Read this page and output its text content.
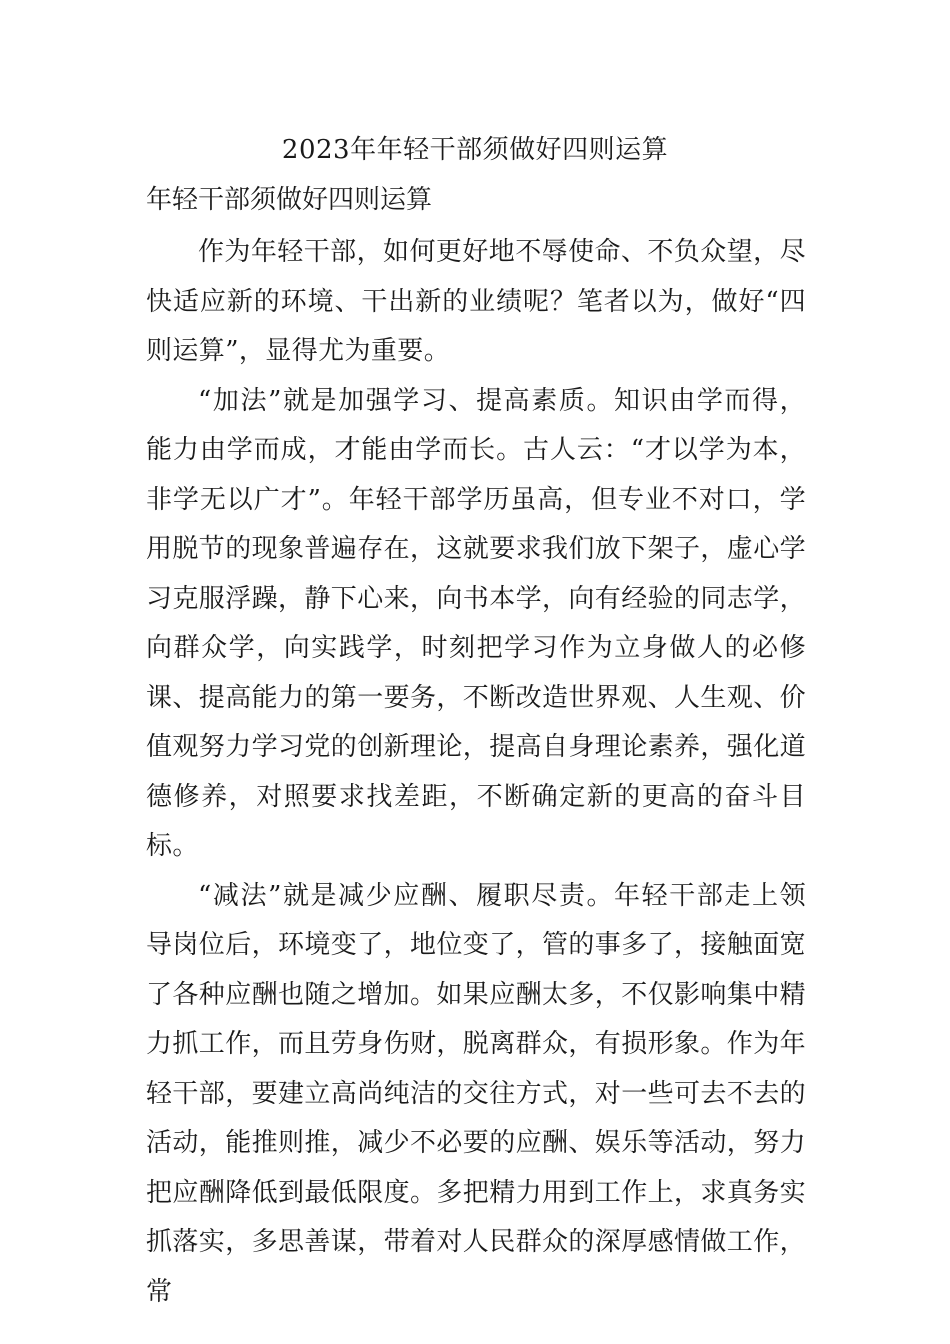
2023年年轻干部须做好四则运算
年轻干部须做好四则运算

作为年轻干部，如何更好地不辱使命、不负众望，尽快适应新的环境、干出新的业绩呢？笔者以为，做好“四则运算”，显得尤为重要。

“加法”就是加强学习、提高素质。知识由学而得，能力由学而成，才能由学而长。古人云：“才以学为本，非学无以广才”。年轻干部学历虽高，但专业不对口，学用脱节的现象普遍存在，这就要求我们放下架子，虚心学习克服浮躁，静下心来，向书本学，向有经验的同志学，向群众学，向实践学，时刻把学习作为立身做人的必修课、提高能力的第一要务，不断改造世界观、人生观、价值观努力学习党的创新理论，提高自身理论素养，强化道德修养，对照要求找差距，不断确定新的更高的奋斗目标。

“减法”就是减少应酬、履职尽责。年轻干部走上领导岗位后，环境变了，地位变了，管的事多了，接触面宽了各种应酬也随之增加。如果应酬太多，不仅影响集中精力抓工作，而且劳身伤财，脱离群众，有损形象。作为年轻干部，要建立高尚纯洁的交往方式，对一些可去不去的活动，能推则推，减少不必要的应酬、娱乐等活动，努力把应酬降低到最低限度。多把精力用到工作上，求真务实抓落实，多思善谋，带着对人民群众的深厚感情做工作，常
